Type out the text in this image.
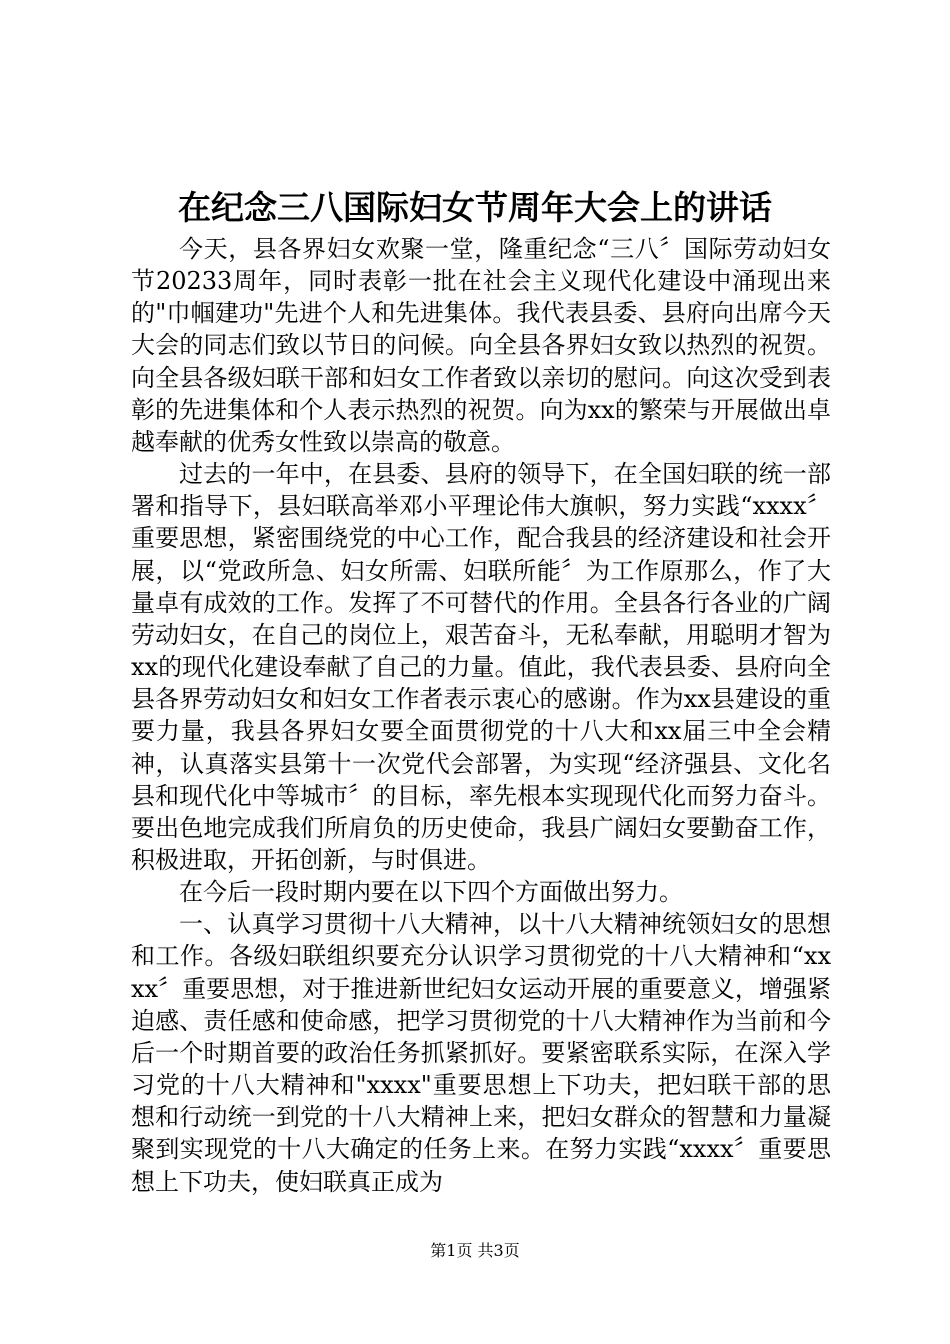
在纪念三八国际妇女节周年大会上的讲话

今天，县各界妇女欢聚一堂，隆重纪念“三八〞国际劳动妇女节20233周年，同时表彰一批在社会主义现代化建设中涌现出来的"巾帼建功"先进个人和先进集体。我代表县委、县府向出席今天大会的同志们致以节日的问候。向全县各界妇女致以热烈的祝贺。向全县各级妇联干部和妇女工作者致以亲切的慰问。向这次受到表彰的先进集体和个人表示热烈的祝贺。向为xx的繁荣与开展做出卓越奉献的优秀女性致以崇高的敬意。

过去的一年中，在县委、县府的领导下，在全国妇联的统一部署和指导下，县妇联高举邓小平理论伟大旗帜，努力实践“xxxx〞重要思想，紧密围绕党的中心工作，配合我县的经济建设和社会开展，以“党政所急、妇女所需、妇联所能〞为工作原那么，作了大量卓有成效的工作。发挥了不可替代的作用。全县各行各业的广阔劳动妇女，在自己的岗位上，艰苦奋斗，无私奉献，用聪明才智为xx的现代化建设奉献了自己的力量。值此，我代表县委、县府向全县各界劳动妇女和妇女工作者表示衷心的感谢。作为xx县建设的重要力量，我县各界妇女要全面贯彻党的十八大和xx届三中全会精神，认真落实县第十一次党代会部署，为实现“经济强县、文化名县和现代化中等城市〞的目标，率先根本实现现代化而努力奋斗。要出色地完成我们所肩负的历史使命，我县广阔妇女要勤奋工作，积极进取，开拓创新，与时俱进。

在今后一段时期内要在以下四个方面做出努力。

一、认真学习贯彻十八大精神，以十八大精神统领妇女的思想和工作。各级妇联组织要充分认识学习贯彻党的十八大精神和“xxxx〞重要思想，对于推进新世纪妇女运动开展的重要意义，增强紧迫感、责任感和使命感，把学习贯彻党的十八大精神作为当前和今后一个时期首要的政治任务抓紧抓好。要紧密联系实际，在深入学习党的十八大精神和"xxxx"重要思想上下功夫，把妇联干部的思想和行动统一到党的十八大精神上来，把妇女群众的智慧和力量凝聚到实现党的十八大确定的任务上来。在努力实践“xxxx〞重要思想上下功夫，使妇联真正成为

第1页 共3页
